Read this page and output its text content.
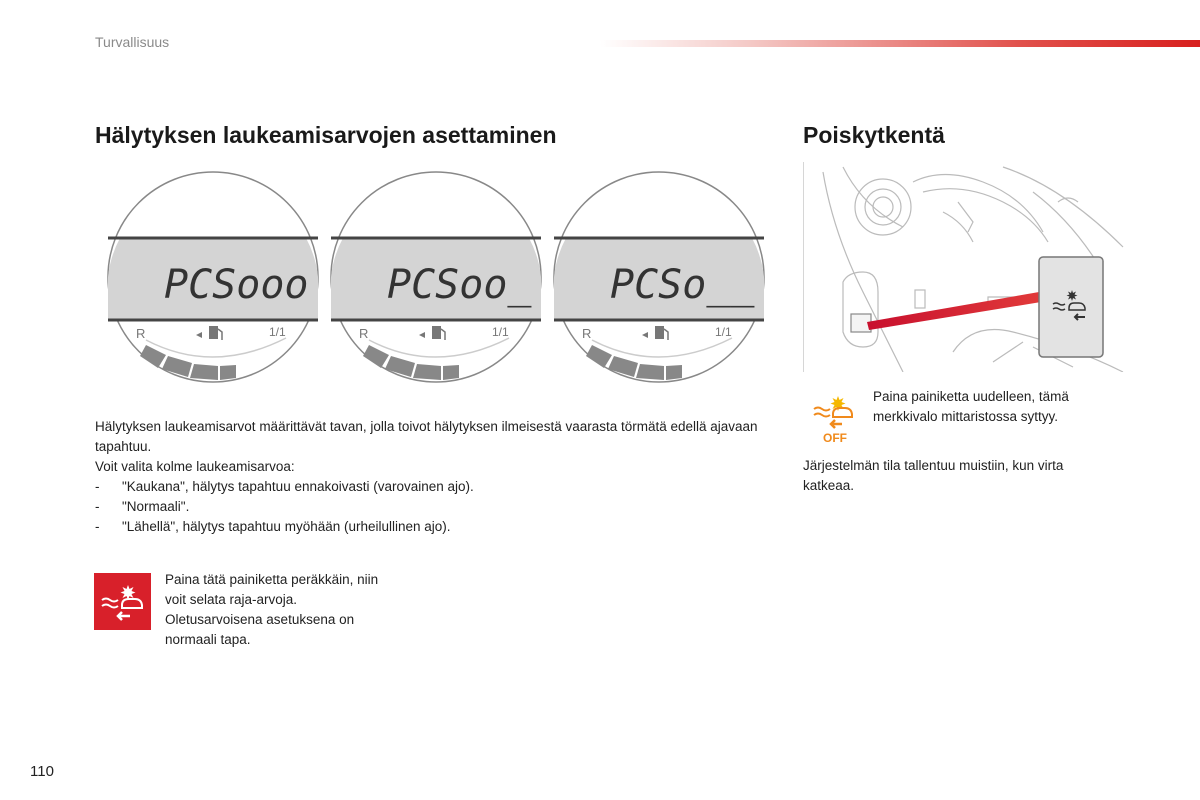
Turvallisuus
Hälytyksen laukeamisarvojen asettaminen	Poiskytkentä
PCSooo
R	1/1
PCSoo_
R	1/1
PCSo__
R	1/1

Hälytyksen laukeamisarvot määrittävät tavan, jolla toivot hälytyksen ilmeisestä vaarasta törmätä edellä ajavaan tapahtuu.

Voit valita kolme laukeamisarvoa:

- "Kaukana", hälytys tapahtuu ennakoivasti (varovainen ajo).
- "Normaali".
- "Lähellä", hälytys tapahtuu myöhään (urheilullinen ajo).
Paina tätä painiketta peräkkäin, niin
voit selata raja-arvoja.
Oletusarvoisena asetuksena on
normaali tapa.
OFF
Paina painiketta uudelleen, tämä
merkkivalo mittaristossa syttyy.
Järjestelmän tila tallentuu muistiin, kun virta
katkeaa.
110
